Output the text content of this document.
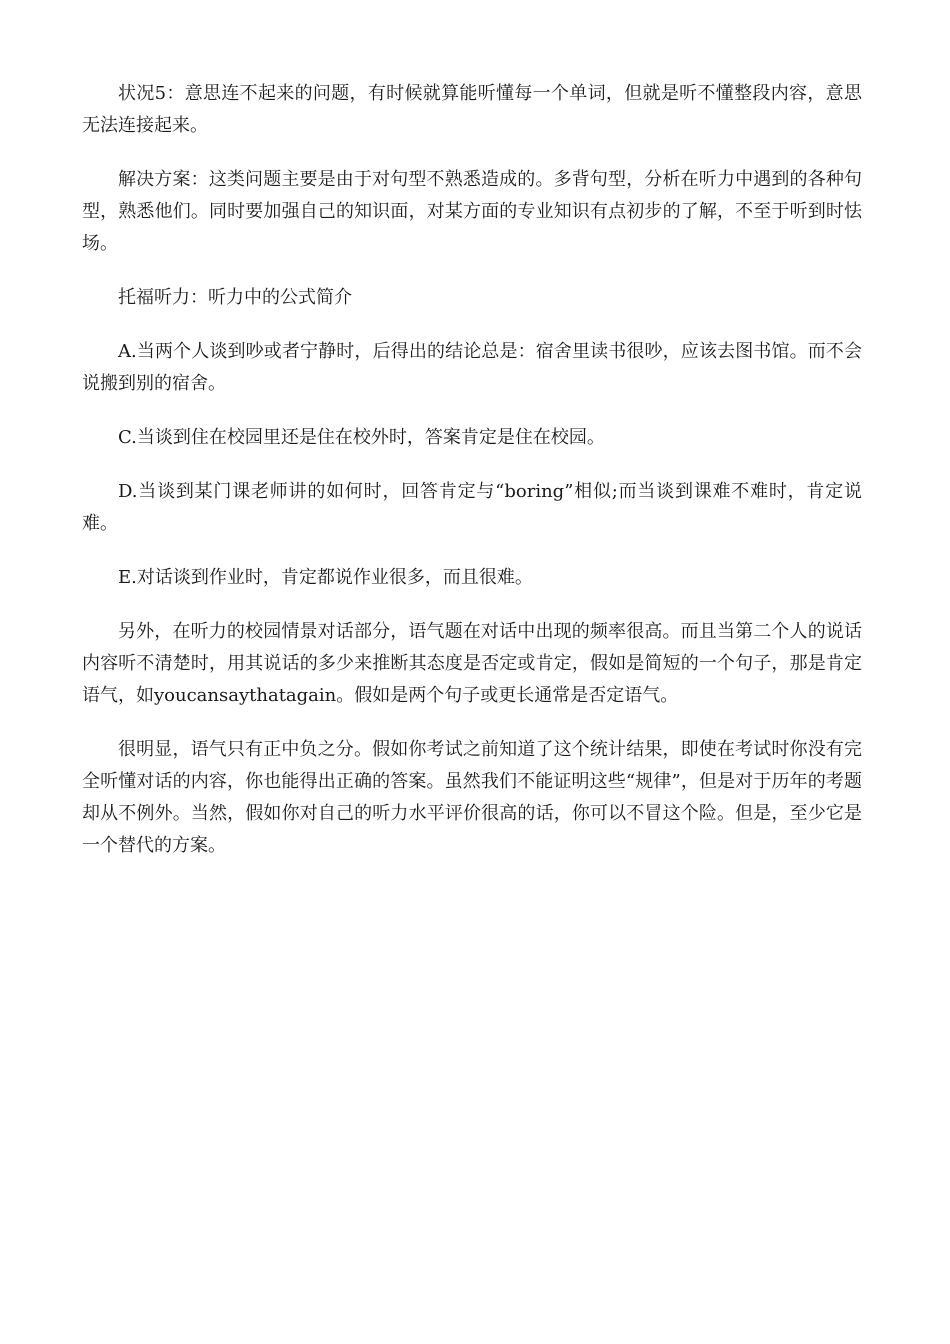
状况5：意思连不起来的问题，有时候就算能听懂每一个单词，但就是听不懂整段内容，意思无法连接起来。

解决方案：这类问题主要是由于对句型不熟悉造成的。多背句型，分析在听力中遇到的各种句型，熟悉他们。同时要加强自己的知识面，对某方面的专业知识有点初步的了解，不至于听到时怯场。

托福听力：听力中的公式简介

A.当两个人谈到吵或者宁静时，后得出的结论总是：宿舍里读书很吵，应该去图书馆。而不会说搬到别的宿舍。

C.当谈到住在校园里还是住在校外时，答案肯定是住在校园。

D.当谈到某门课老师讲的如何时，回答肯定与“boring”相似;而当谈到课难不难时，肯定说难。

E.对话谈到作业时，肯定都说作业很多，而且很难。

另外，在听力的校园情景对话部分，语气题在对话中出现的频率很高。而且当第二个人的说话内容听不清楚时，用其说话的多少来推断其态度是否定或肯定，假如是简短的一个句子，那是肯定语气，如youcansaythatagain。假如是两个句子或更长通常是否定语气。

很明显，语气只有正中负之分。假如你考试之前知道了这个统计结果，即使在考试时你没有完全听懂对话的内容，你也能得出正确的答案。虽然我们不能证明这些“规律”，但是对于历年的考题却从不例外。当然，假如你对自己的听力水平评价很高的话，你可以不冒这个险。但是，至少它是一个替代的方案。
